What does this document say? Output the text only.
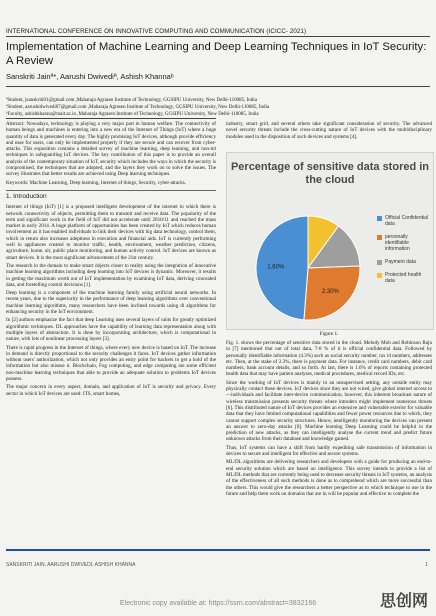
INTERNATIONAL CONFERENCE ON INNOVATIVE COMPUTING AND COMMUNICATION (ICICC- 2021)
Implementation of Machine Learning and Deep Learning Techniques in IoT Security: A Review
Sanskriti Jainª*, Aarushi Dwivediª, Ashish Khannaᵇ
ªStudent, jsanskriti01@gmail.com ,Maharaja Agrasen Institute of Technology, GGSIPU University, New Delhi-110085, India
ªStudent, aarushidwivedi07@gmail.com ,Maharaja Agrasen Institute of Technology, GGSIPU University, New Delhi-110085, India
ᵇFaculty, ashishkhanna@mait.ac.in ,Maharaja Agrasen Institute of Technology, GGSIPU University, New Delhi-110085, India

Abstract: Nowadays, technology is playing a very major part in human welfare. The connectivity of human beings and machines is entering into a new era of the Internet of Things (IoT) where a huge quantity of data is generated every day. The highly promising IoT devices, although provide efficiency and ease for users, can only be implemented properly if they are secure and can recover from cyber-attacks. This exposition contains a detailed survey of machine learning, deep learning, and non-ml techniques in safeguarding IoT devices. The key contribution of this paper is to provide an overall analysis of the contemporary situation of IoT, security which includes the ways in which the security is compromised, the techniques that are adopted, and the layers they work on to solve the issues. The survey illustrates that better results are achieved using Deep learning techniques.

Keywords: Machine Learning, Deep learning, Internet of things, Security, cyber-attacks.

1. Introduction

Internet of things (IoT) [1] is a proposed intelligent development of the internet in which there is network connectivity of objects, permitting them to transmit and receive data. The popularity of the term and significant work in the field of IoT did not accelerate until 2010/11 and reached the mass market in early 2014. A huge platform of opportunities has been created by IoT which reduces human involvement as it has enabled individuals to link their devices with big data technology, control them, which in return also increases adeptness in execution and financial aids. IoT is currently performing well in appliances created to monitor traffic, health, environment, weather prediction, citizens, agriculture, home, air, public place monitoring, and human activity control. IoT devices are known as smart devices. It is the most significant advancement of the 21st century.

The research in the domain to make smart objects closer to reality using the integration of innovative machine learning algorithms including deep learning into IoT devices is dynamic. Moreover, it results in getting the maximum worth out of IoT implementation by examining IoT data, deriving concealed data, and foretelling control decisions [1].

Deep learning is a component of the machine learning family using artificial neural networks. In recent years, due to the superiority in the performance of deep learning algorithms over conventional machine learning algorithms, many researchers have been inclined towards using dl algorithms for enhancing security in the IoT environment.

In [2] authors emphasize the fact that deep Learning uses several layers of units for greatly optimized algorithmic techniques. DL approaches have the capability of learning data representation along with multiple layers of abstraction. It is done by incorporating architecture, which is computational in nature, with lots of nonlinear processing layers [3].

There is rapid progress in the Internet of things, where every new device is based on IoT. The increase in demand is directly proportional to the security challenges it faces. IoT devices gather information without users' authorization, which not only provides an entry point for hackers to get a hold of the information but also misuse it. Blockchain, Fog computing, and edge computing are some efficient non-machine learning techniques that able to provide an adequate solution to problems IoT devices possess.

The major concern in every aspect, domain, and application of IoT is security and privacy. Every sector in which IoT devices are used: ITS, smart homes,

industry, smart grid, and several others take significant consideration of security. The advanced novel security threats include the cross-cutting nature of IoT devices with the multidisciplinary modules used in the disposition of such devices and systems [4].

Percentage of sensitive data stored in the cloud
2.30%
1.60%
Official Confidential data
personally identifiable information
Payment data
Protected health data
Figure 1.

Fig. 1. shows the percentage of sensitive data stored in the cloud. Melody Moh and Robinson Raju in [7] mentioned that out of total data, 7-8 % of it is official confidential data. Followed by personally identifiable information (4.3%) such as social security number, tax id numbers, addresses etc. Then, at the stake of 2.3%, there is payment data. For instance, credit card numbers, debit card numbers, bank account details, and so forth. At last, there is 1.6% of reports containing protected health data that may have patient analyses, medical procedures, medical record IDs, etc.

Since the working of IoT devices is mainly in an unsupervised setting, any outside entity may physically contact these devices. IoT devices since they are not wired, give global internet access to —individuals and facilitate inter-device communication, however, this inherent broadcast nature of wireless transmission presents security threats where intruders might implement numerous threats [6]. This distributed nature of IoT devices provides an extensive and vulnerable exterior for valuable data that they have limited computational capabilities and fewer power resources due to which, they cannot support complex security structures. Hence, intelligently monitoring the devices can present an answer to zero-day attacks [8]. Machine learning Deep Learning could be helpful in the prediction of new attacks, as they can intelligently analyse the current trend and predict future unknown attacks from their database and knowledge gained.

Thus, IoT systems can have a shift from hardly expediting safe transmission of information in devices to secure and intelligent for effective and secure systems.

ML/DL algorithms are delivering researchers and developers with a guide for producing an end-to-end security solution which are based on intelligence. This survey intends to provide a list of ML/DL methods that are currently being used to decrease security threats in IoT systems, an analysis of the effectiveness of all such methods is done as to comprehend which are more successful than the others. This would give the researchers a better perspective as to which technique to use in the future and help them work on domains that are in will be popular and effective to complete the

SANSKRITI JAIN, AARUSHI DWIVEDI, ASHISH KHANNA	1
Electronic copy available at: https://ssrn.com/abstract=3832166	思创网
